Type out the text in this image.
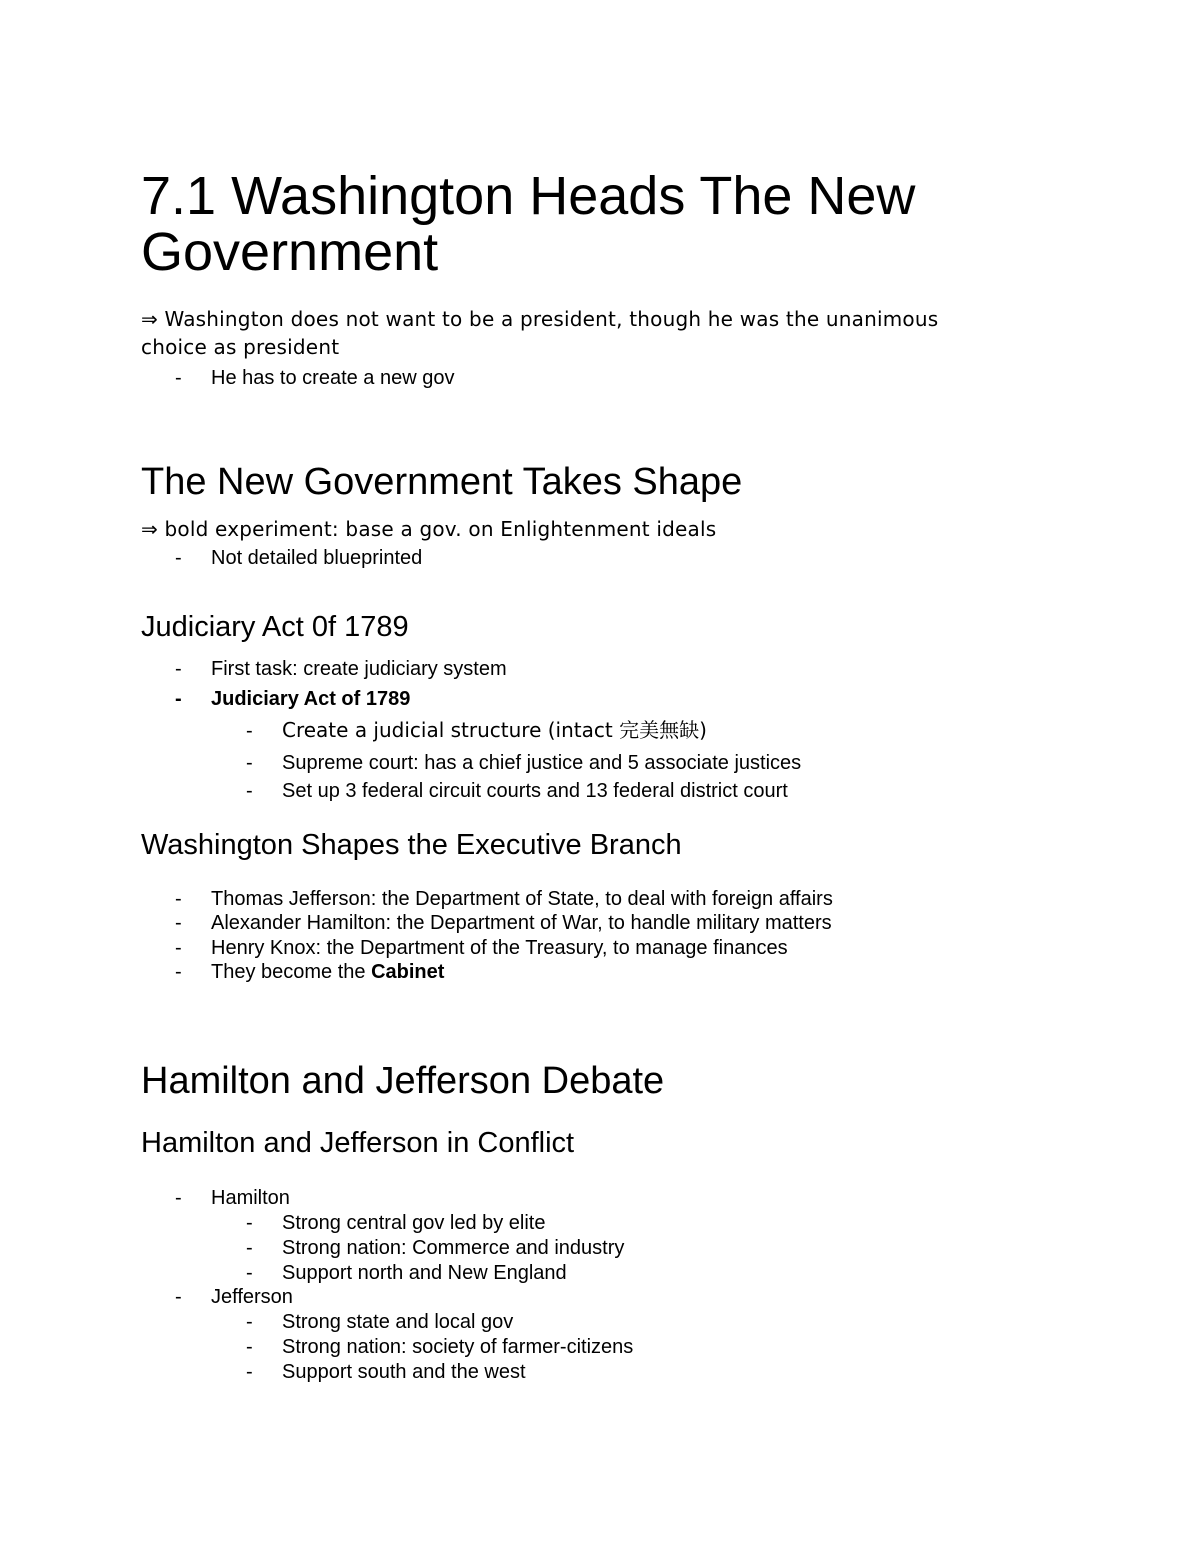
7.1 Washington Heads The New
Government

⇒ Washington does not want to be a president, though he was the unanimous

choice as president

- He has to create a new gov

The New Government Takes Shape

⇒ bold experiment: base a gov. on Enlightenment ideals

- Not detailed blueprinted

Judiciary Act 0f 1789
- First task: create judiciary system

- Judiciary Act of 1789

- Create a judicial structure (intact 完美無缺)

- Supreme court: has a chief justice and 5 associate justices

- Set up 3 federal circuit courts and 13 federal district court

Washington Shapes the Executive Branch
- Thomas Jefferson: the Department of State, to deal with foreign affairs

- Alexander Hamilton: the Department of War, to handle military matters

- Henry Knox: the Department of the Treasury, to manage finances

- They become the Cabinet

Hamilton and Jefferson Debate
Hamilton and Jefferson in Conflict
- Hamilton

- Strong central gov led by elite

- Strong nation: Commerce and industry

- Support north and New England

- Jefferson

- Strong state and local gov

- Strong nation: society of farmer-citizens

- Support south and the west
